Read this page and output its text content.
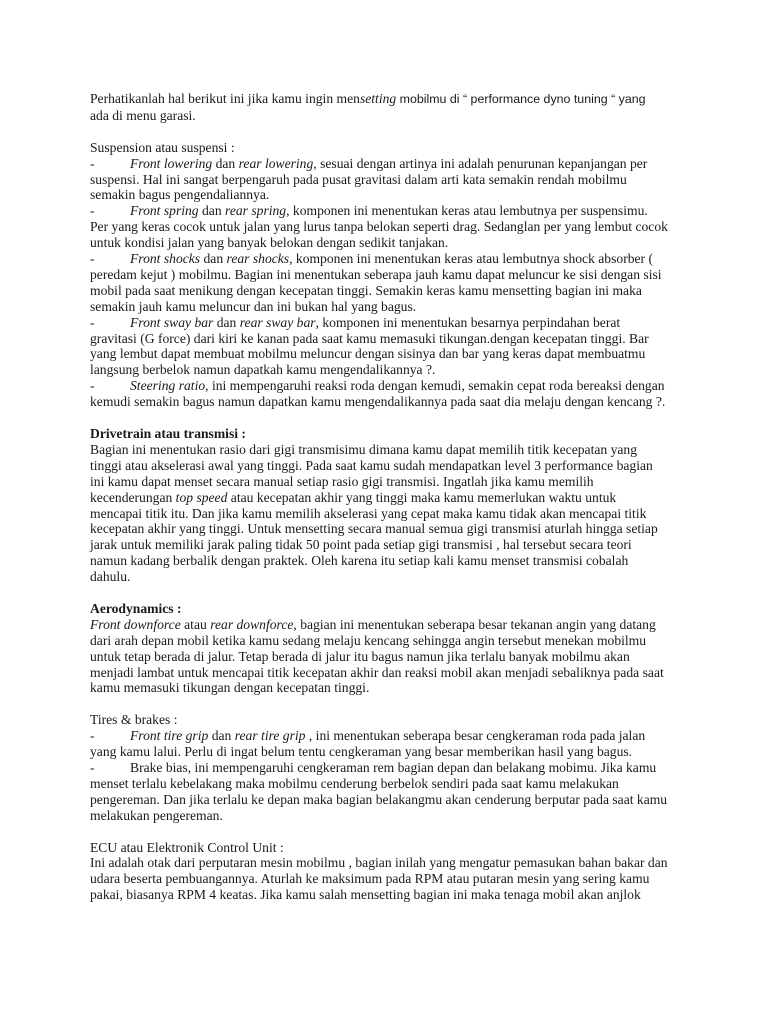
Perhatikanlah hal berikut ini jika kamu ingin mensetting mobilmu di “ performance dyno tuning “ yang
ada di menu garasi.

Suspension atau suspensi :
-	Front lowering dan rear lowering, sesuai dengan artinya ini adalah penurunan kepanjangan per
suspensi. Hal ini sangat berpengaruh pada pusat gravitasi dalam arti kata semakin rendah mobilmu
semakin bagus pengendaliannya.
-	Front spring dan rear spring, komponen ini menentukan keras atau lembutnya per suspensimu.
Per yang keras cocok untuk jalan yang lurus tanpa belokan seperti drag. Sedanglan per yang lembut cocok
untuk kondisi jalan yang banyak belokan dengan sedikit tanjakan.
-	Front shocks dan rear shocks, komponen ini menentukan keras atau lembutnya shock absorber (
peredam kejut ) mobilmu. Bagian ini menentukan seberapa jauh kamu dapat meluncur ke sisi dengan sisi
mobil pada saat menikung dengan kecepatan tinggi. Semakin keras kamu mensetting bagian ini maka
semakin jauh kamu meluncur dan ini bukan hal yang bagus.
-	Front sway bar dan rear sway bar, komponen ini menentukan besarnya perpindahan berat
gravitasi (G force) dari kiri ke kanan pada saat kamu memasuki tikungan.dengan kecepatan tinggi. Bar
yang lembut dapat membuat mobilmu meluncur dengan sisinya dan bar yang keras dapat membuatmu
langsung berbelok namun dapatkah kamu mengendalikannya ?.
-	Steering ratio, ini mempengaruhi reaksi roda dengan kemudi, semakin cepat roda bereaksi dengan
kemudi semakin bagus namun dapatkan kamu mengendalikannya pada saat dia melaju dengan kencang ?.
Drivetrain atau transmisi :
Bagian ini menentukan rasio dari gigi transmisimu dimana kamu dapat memilih titik kecepatan yang
tinggi atau akselerasi awal yang tinggi. Pada saat kamu sudah mendapatkan level 3 performance bagian
ini kamu dapat menset secara manual setiap rasio gigi transmisi. Ingatlah jika kamu memilih
kecenderungan top speed atau kecepatan akhir yang tinggi maka kamu memerlukan waktu untuk
mencapai titik itu. Dan jika kamu memilih akselerasi yang cepat maka kamu tidak akan mencapai titik
kecepatan akhir yang tinggi. Untuk mensetting secara manual semua gigi transmisi aturlah hingga setiap
jarak untuk memiliki jarak paling tidak 50 point pada setiap gigi transmisi , hal tersebut secara teori
namun kadang berbalik dengan praktek. Oleh karena itu setiap kali kamu menset transmisi cobalah
dahulu.
Aerodynamics :
Front downforce atau rear downforce, bagian ini menentukan seberapa besar tekanan angin yang datang
dari arah depan mobil ketika kamu sedang melaju kencang sehingga angin tersebut menekan mobilmu
untuk tetap berada di jalur. Tetap berada di jalur itu bagus namun jika terlalu banyak mobilmu akan
menjadi lambat untuk mencapai titik kecepatan akhir dan reaksi mobil akan menjadi sebaliknya pada saat
kamu memasuki tikungan dengan kecepatan tinggi.
Tires & brakes :
-	Front tire grip dan rear tire grip , ini menentukan seberapa besar cengkeraman roda pada jalan
yang kamu lalui. Perlu di ingat belum tentu cengkeraman yang besar memberikan hasil yang bagus.
-	Brake bias, ini mempengaruhi cengkeraman rem bagian depan dan belakang mobimu. Jika kamu
menset terlalu kebelakang maka mobilmu cenderung berbelok sendiri pada saat kamu melakukan
pengereman. Dan jika terlalu ke depan maka bagian belakangmu akan cenderung berputar pada saat kamu
melakukan pengereman.
ECU atau Elektronik Control Unit :
Ini adalah otak dari perputaran mesin mobilmu , bagian inilah yang mengatur pemasukan bahan bakar dan
udara beserta pembuangannya. Aturlah ke maksimum pada RPM atau putaran mesin yang sering kamu
pakai, biasanya RPM 4 keatas. Jika kamu salah mensetting bagian ini maka tenaga mobil akan anjlok
